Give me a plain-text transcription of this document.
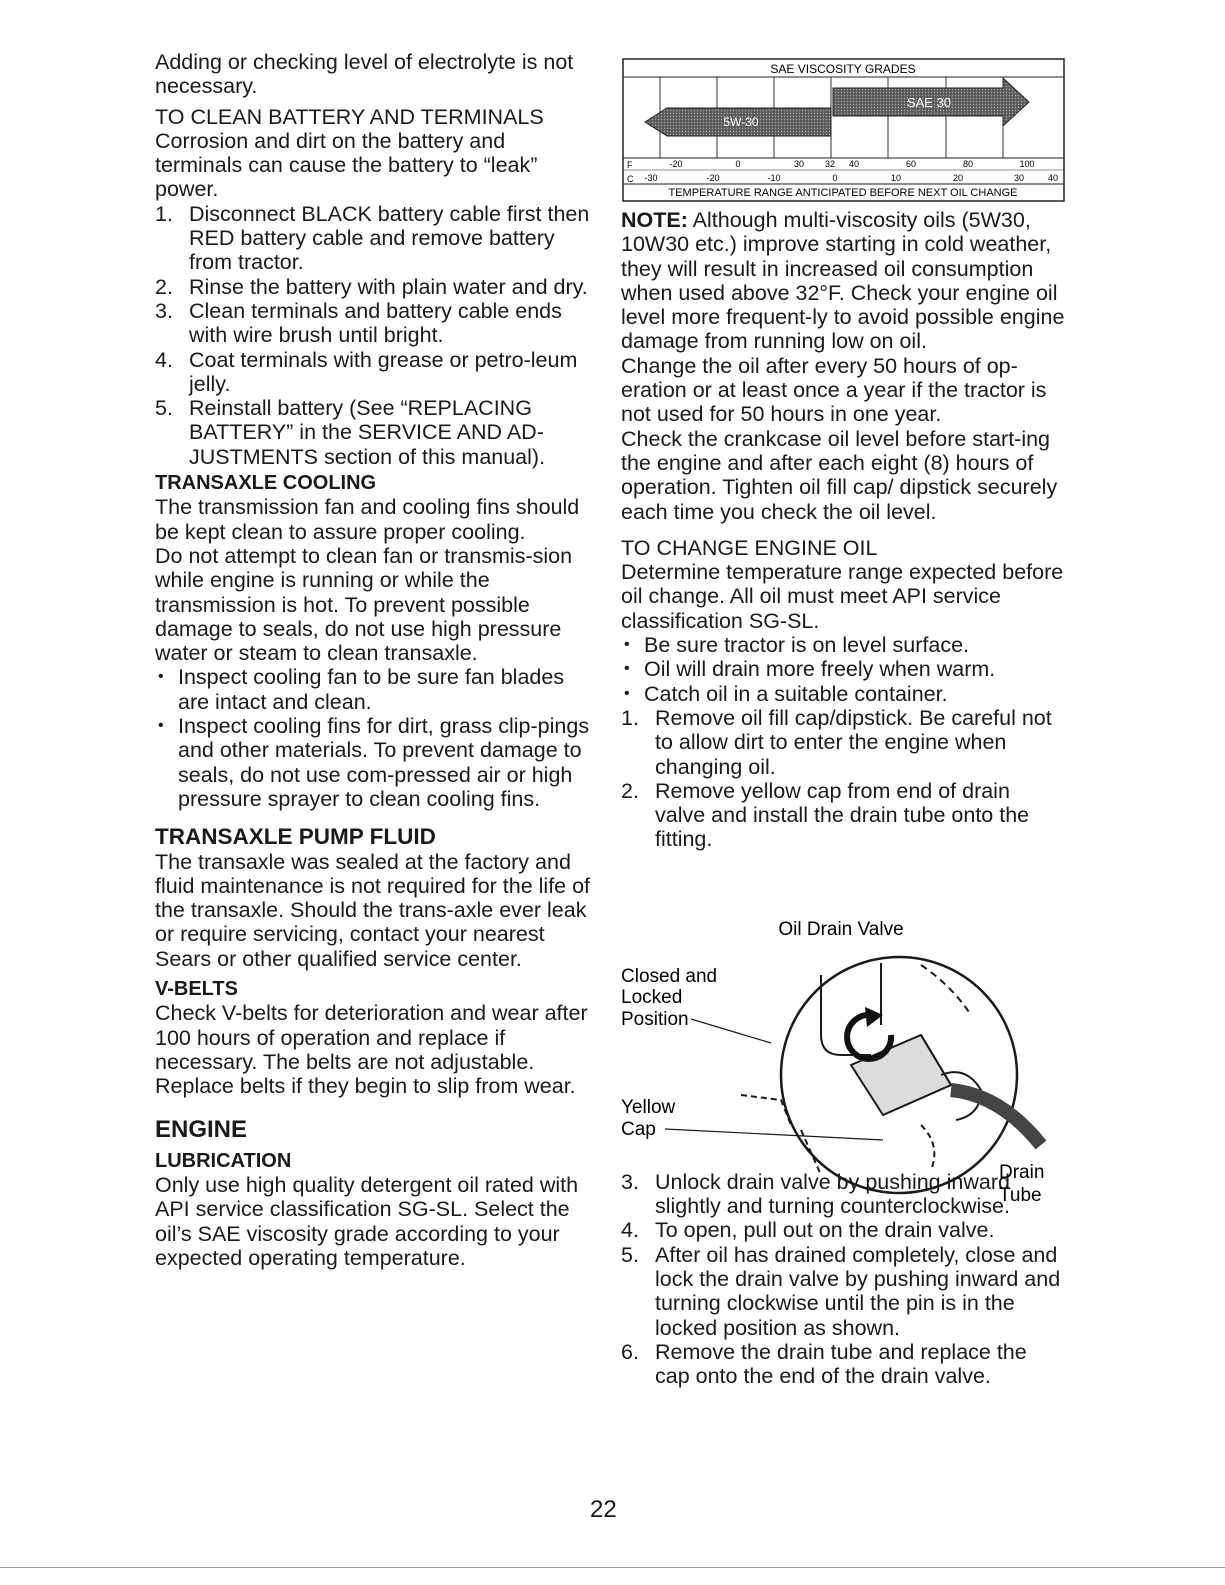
Adding or checking level of electrolyte is not necessary.

TO CLEAN BATTERY AND TERMINALS

Corrosion and dirt on the battery and terminals can cause the battery to “leak” power.

1. Disconnect BLACK battery cable first then RED battery cable and remove battery from tractor.
2. Rinse the battery with plain water and dry.
3. Clean terminals and battery cable ends with wire brush until bright.
4. Coat terminals with grease or petro-leum jelly.
5. Reinstall battery (See “REPLACING BATTERY” in the SERVICE AND AD-JUSTMENTS section of this manual).

TRANSAXLE COOLING

The transmission fan and cooling fins should be kept clean to assure proper cooling.

Do not attempt to clean fan or transmis-sion while engine is running or while the transmission is hot. To prevent possible damage to seals, do not use high pressure water or steam to clean transaxle.

• Inspect cooling fan to be sure fan blades are intact and clean.
• Inspect cooling fins for dirt, grass clip-pings and other materials. To prevent damage to seals, do not use com-pressed air or high pressure sprayer to clean cooling fins.

TRANSAXLE PUMP FLUID

The transaxle was sealed at the factory and fluid maintenance is not required for the life of the transaxle. Should the trans-axle ever leak or require servicing, contact your nearest Sears or other qualified service center.

V-BELTS

Check V-belts for deterioration and wear after 100 hours of operation and replace if necessary. The belts are not adjustable. Replace belts if they begin to slip from wear.

ENGINE

LUBRICATION

Only use high quality detergent oil rated with API service classification SG-SL. Select the oil’s SAE viscosity grade according to your expected operating temperature.

SAE VISCOSITY GRADES
5W-30
SAE 30
F
C
-20	0	30 32 40	60	80	100
-30	-20	-10	0	10	20	30	40
TEMPERATURE RANGE ANTICIPATED BEFORE NEXT OIL CHANGE

NOTE: Although multi-viscosity oils (5W30, 10W30 etc.) improve starting in cold weather, they will result in increased oil consumption when used above 32°F. Check your engine oil level more frequent-ly to avoid possible engine damage from running low on oil.

Change the oil after every 50 hours of op-eration or at least once a year if the tractor is not used for 50 hours in one year.

Check the crankcase oil level before start-ing the engine and after each eight (8) hours of operation. Tighten oil fill cap/ dipstick securely each time you check the oil level.

TO CHANGE ENGINE OIL

Determine temperature range expected before oil change. All oil must meet API service classification SG-SL.

• Be sure tractor is on level surface.
• Oil will drain more freely when warm.
• Catch oil in a suitable container.
1. Remove oil fill cap/dipstick. Be careful not to allow dirt to enter the engine when changing oil.
2. Remove yellow cap from end of drain valve and install the drain tube onto the fitting.
3. Unlock drain valve by pushing inward slightly and turning counterclockwise.
4. To open, pull out on the drain valve.
5. After oil has drained completely, close and lock the drain valve by pushing inward and turning clockwise until the pin is in the locked position as shown.
6. Remove the drain tube and replace the cap onto the end of the drain valve.
Oil Drain Valve
Closed and
Locked
Position
Yellow
Cap
Drain
Tube
22
